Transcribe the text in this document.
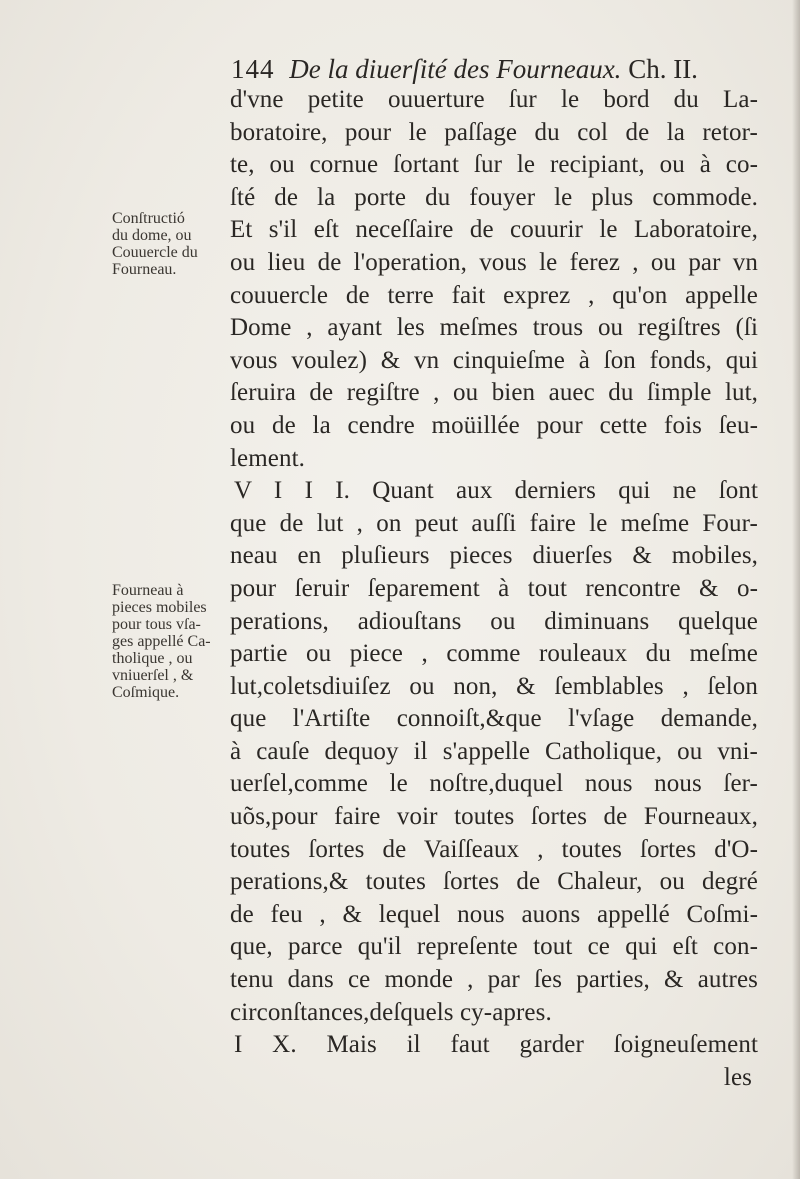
144 De la diuerſité des Fourneaux. Ch. II.
Conſtructió
du dome, ou
Couuercle du
Fourneau.
Fourneau à
pieces mobiles
pour tous vſa-
ges appellé Ca-
tholique , ou
vniuerſel , &
Coſmique.
d'vne petite ouuerture ſur le bord du La-
boratoire, pour le paſſage du col de la retor-
te, ou cornue ſortant ſur le recipiant, ou à co-
ſté de la porte du fouyer le plus commode.
Et s'il eſt neceſſaire de couurir le Laboratoire,
ou lieu de l'operation, vous le ferez , ou par vn
couuercle de terre fait exprez , qu'on appelle
Dome , ayant les meſmes trous ou regiſtres (ſi
vous voulez) & vn cinquieſme à ſon fonds, qui
ſeruira de regiſtre , ou bien auec du ſimple lut,
ou de la cendre moüillée pour cette fois ſeu-
lement.
V I I I. Quant aux derniers qui ne ſont
que de lut , on peut auſſi faire le meſme Four-
neau en pluſieurs pieces diuerſes & mobiles,
pour ſeruir ſeparement à tout rencontre & o-
perations, adiouſtans ou diminuans quelque
partie ou piece , comme rouleaux du meſme
lut,coletsdiuiſez ou non, & ſemblables , ſelon
que l'Artiſte connoiſt,&que l'vſage demande,
à cauſe dequoy il s'appelle Catholique, ou vni-
uerſel,comme le noſtre,duquel nous nous ſer-
uõs,pour faire voir toutes ſortes de Fourneaux,
toutes ſortes de Vaiſſeaux , toutes ſortes d'O-
perations,& toutes ſortes de Chaleur, ou degré
de feu , & lequel nous auons appellé Coſmi-
que, parce qu'il repreſente tout ce qui eſt con-
tenu dans ce monde , par ſes parties, & autres
circonſtances,deſquels cy-apres.
I X. Mais il faut garder ſoigneuſement
les
